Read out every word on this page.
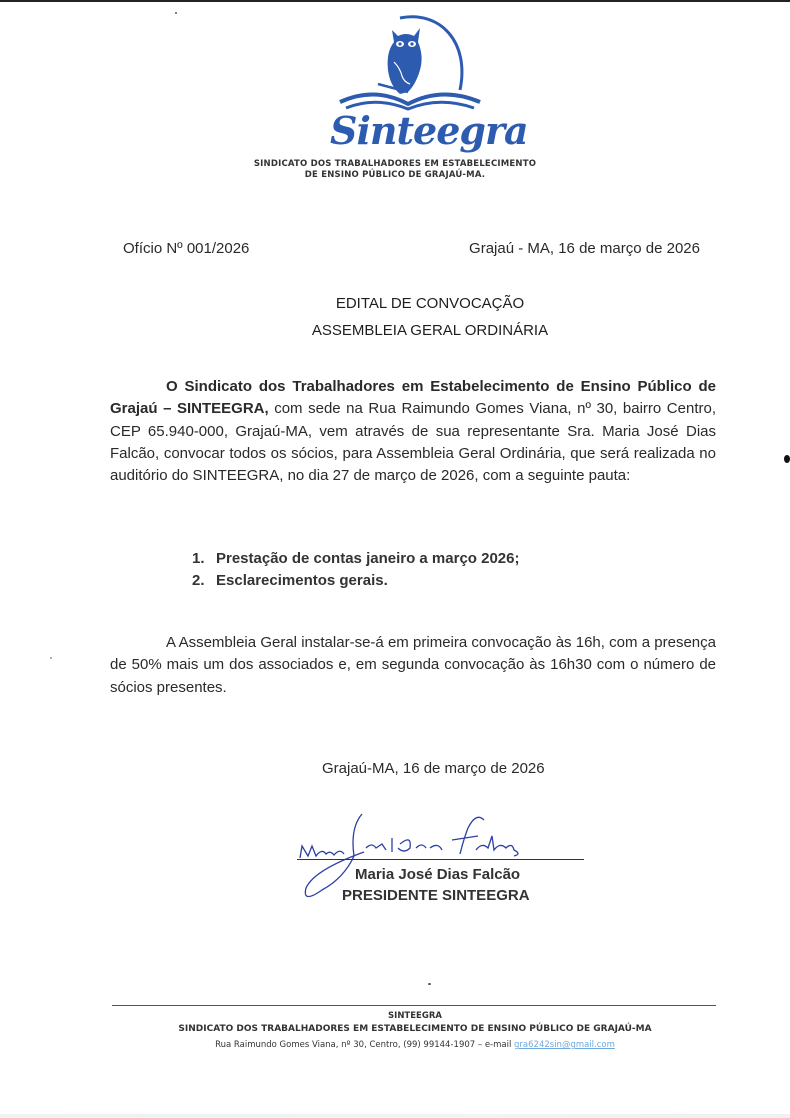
Sinteegra
SINDICATO DOS TRABALHADORES EM ESTABELECIMENTO
DE ENSINO PÚBLICO DE GRAJAÚ-MA.
Ofício Nº 001/2026	Grajaú - MA, 16 de março de 2026
EDITAL DE CONVOCAÇÃO
ASSEMBLEIA GERAL ORDINÁRIA
O Sindicato dos Trabalhadores em Estabelecimento de Ensino Público de Grajaú – SINTEEGRA, com sede na Rua Raimundo Gomes Viana, nº 30, bairro Centro, CEP 65.940-000, Grajaú-MA, vem através de sua representante Sra. Maria José Dias Falcão, convocar todos os sócios, para Assembleia Geral Ordinária, que será realizada no auditório do SINTEEGRA, no dia 27 de março de 2026, com a seguinte pauta:
1. Prestação de contas janeiro a março 2026;
2. Esclarecimentos gerais.
A Assembleia Geral instalar-se-á em primeira convocação às 16h, com a presença de 50% mais um dos associados e, em segunda convocação às 16h30 com o número de sócios presentes.
Grajaú-MA, 16 de março de 2026
Maria José Dias Falcão
PRESIDENTE SINTEEGRA
SINTEEGRA
SINDICATO DOS TRABALHADORES EM ESTABELECIMENTO DE ENSINO PÚBLICO DE GRAJAÚ-MA
Rua Raimundo Gomes Viana, nº 30, Centro, (99) 99144-1907 – e-mail gra6242sin@gmail.com
